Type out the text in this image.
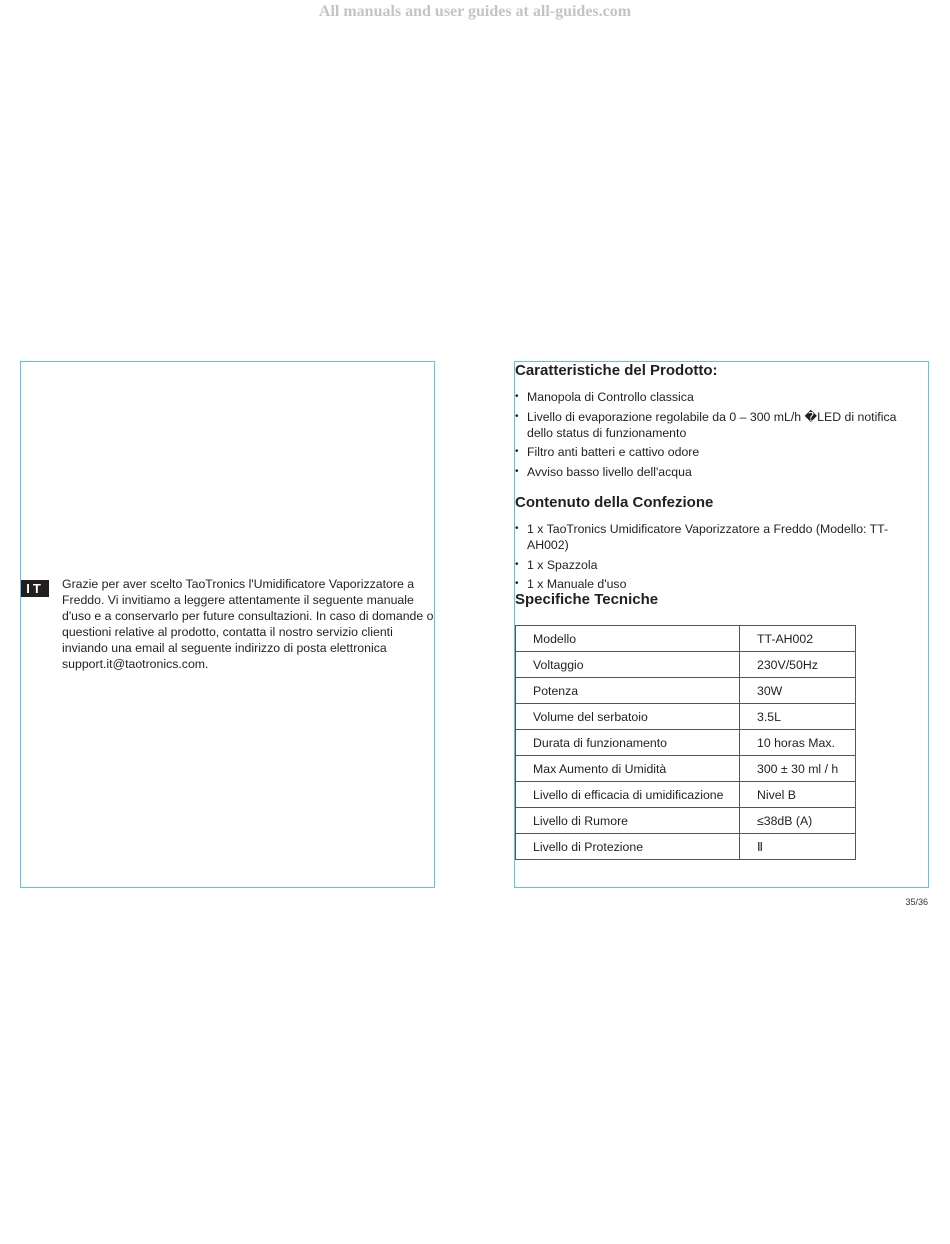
All manuals and user guides at all-guides.com
IT	Grazie per aver scelto TaoTronics l'Umidificatore Vaporizzatore a Freddo. Vi invitiamo a leggere attentamente il seguente manuale d'uso e a conservarlo per future consultazioni. In caso di domande o questioni relative al prodotto, contatta il nostro servizio clienti inviando una email al seguente indirizzo di posta elettronica support.it@taotronics.com.
Caratteristiche del Prodotto:
• Manopola di Controllo classica
• Livello di evaporazione regolabile da 0 – 300 mL/h �LED di notifica dello status di funzionamento
• Filtro anti batteri e cattivo odore
• Avviso basso livello dell'acqua
Contenuto della Confezione
• 1 x TaoTronics Umidificatore Vaporizzatore a Freddo (Modello: TT-AH002)
• 1 x Spazzola
• 1 x Manuale d'uso
Specifiche Tecniche
Modello	TT-AH002
Voltaggio	230V/50Hz
Potenza	30W
Volume del serbatoio	3.5L
Durata di funzionamento	10 horas Max.
Max Aumento di Umidità	300 ± 30 ml / h
Livello di efficacia di umidificazione	Nivel B
Livello di Rumore	≤38dB (A)
Livello di Protezione	Ⅱ
35/36
